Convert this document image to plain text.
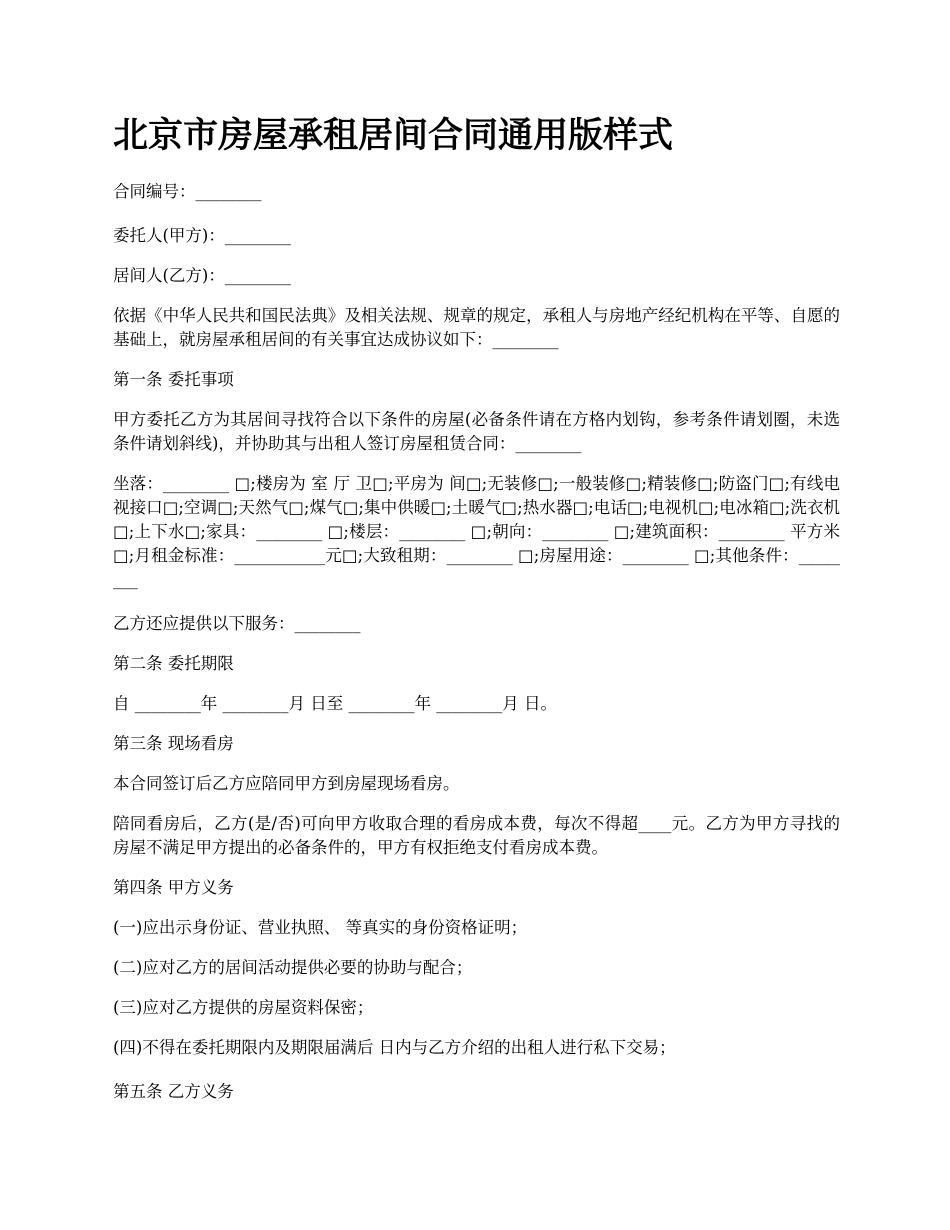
北京市房屋承租居间合同通用版样式

合同编号：________

委托人(甲方)：________

居间人(乙方)：________

依据《中华人民共和国民法典》及相关法规、规章的规定，承租人与房地产经纪机构在平等、自愿的基础上，就房屋承租居间的有关事宜达成协议如下：________

第一条 委托事项

甲方委托乙方为其居间寻找符合以下条件的房屋(必备条件请在方格内划钩，参考条件请划圈，未选条件请划斜线)，并协助其与出租人签订房屋租赁合同：________

坐落：________ □;楼房为 室 厅 卫□;平房为 间□;无装修□;一般装修□;精装修□;防盗门□;有线电视接口□;空调□;天然气□;煤气□;集中供暖□;土暖气□;热水器□;电话□;电视机□;电冰箱□;洗衣机□;上下水□;家具：________ □;楼层：________ □;朝向：________ □;建筑面积：________ 平方米□;月租金标准：___________元□;大致租期：________ □;房屋用途：________ □;其他条件：________

乙方还应提供以下服务：________

第二条 委托期限

自 ________年 ________月 日至 ________年 ________月 日。

第三条 现场看房

本合同签订后乙方应陪同甲方到房屋现场看房。

陪同看房后，乙方(是/否)可向甲方收取合理的看房成本费，每次不得超____元。乙方为甲方寻找的房屋不满足甲方提出的必备条件的，甲方有权拒绝支付看房成本费。

第四条 甲方义务

(一)应出示身份证、营业执照、 等真实的身份资格证明；

(二)应对乙方的居间活动提供必要的协助与配合；

(三)应对乙方提供的房屋资料保密；

(四)不得在委托期限内及期限届满后 日内与乙方介绍的出租人进行私下交易；

第五条 乙方义务
